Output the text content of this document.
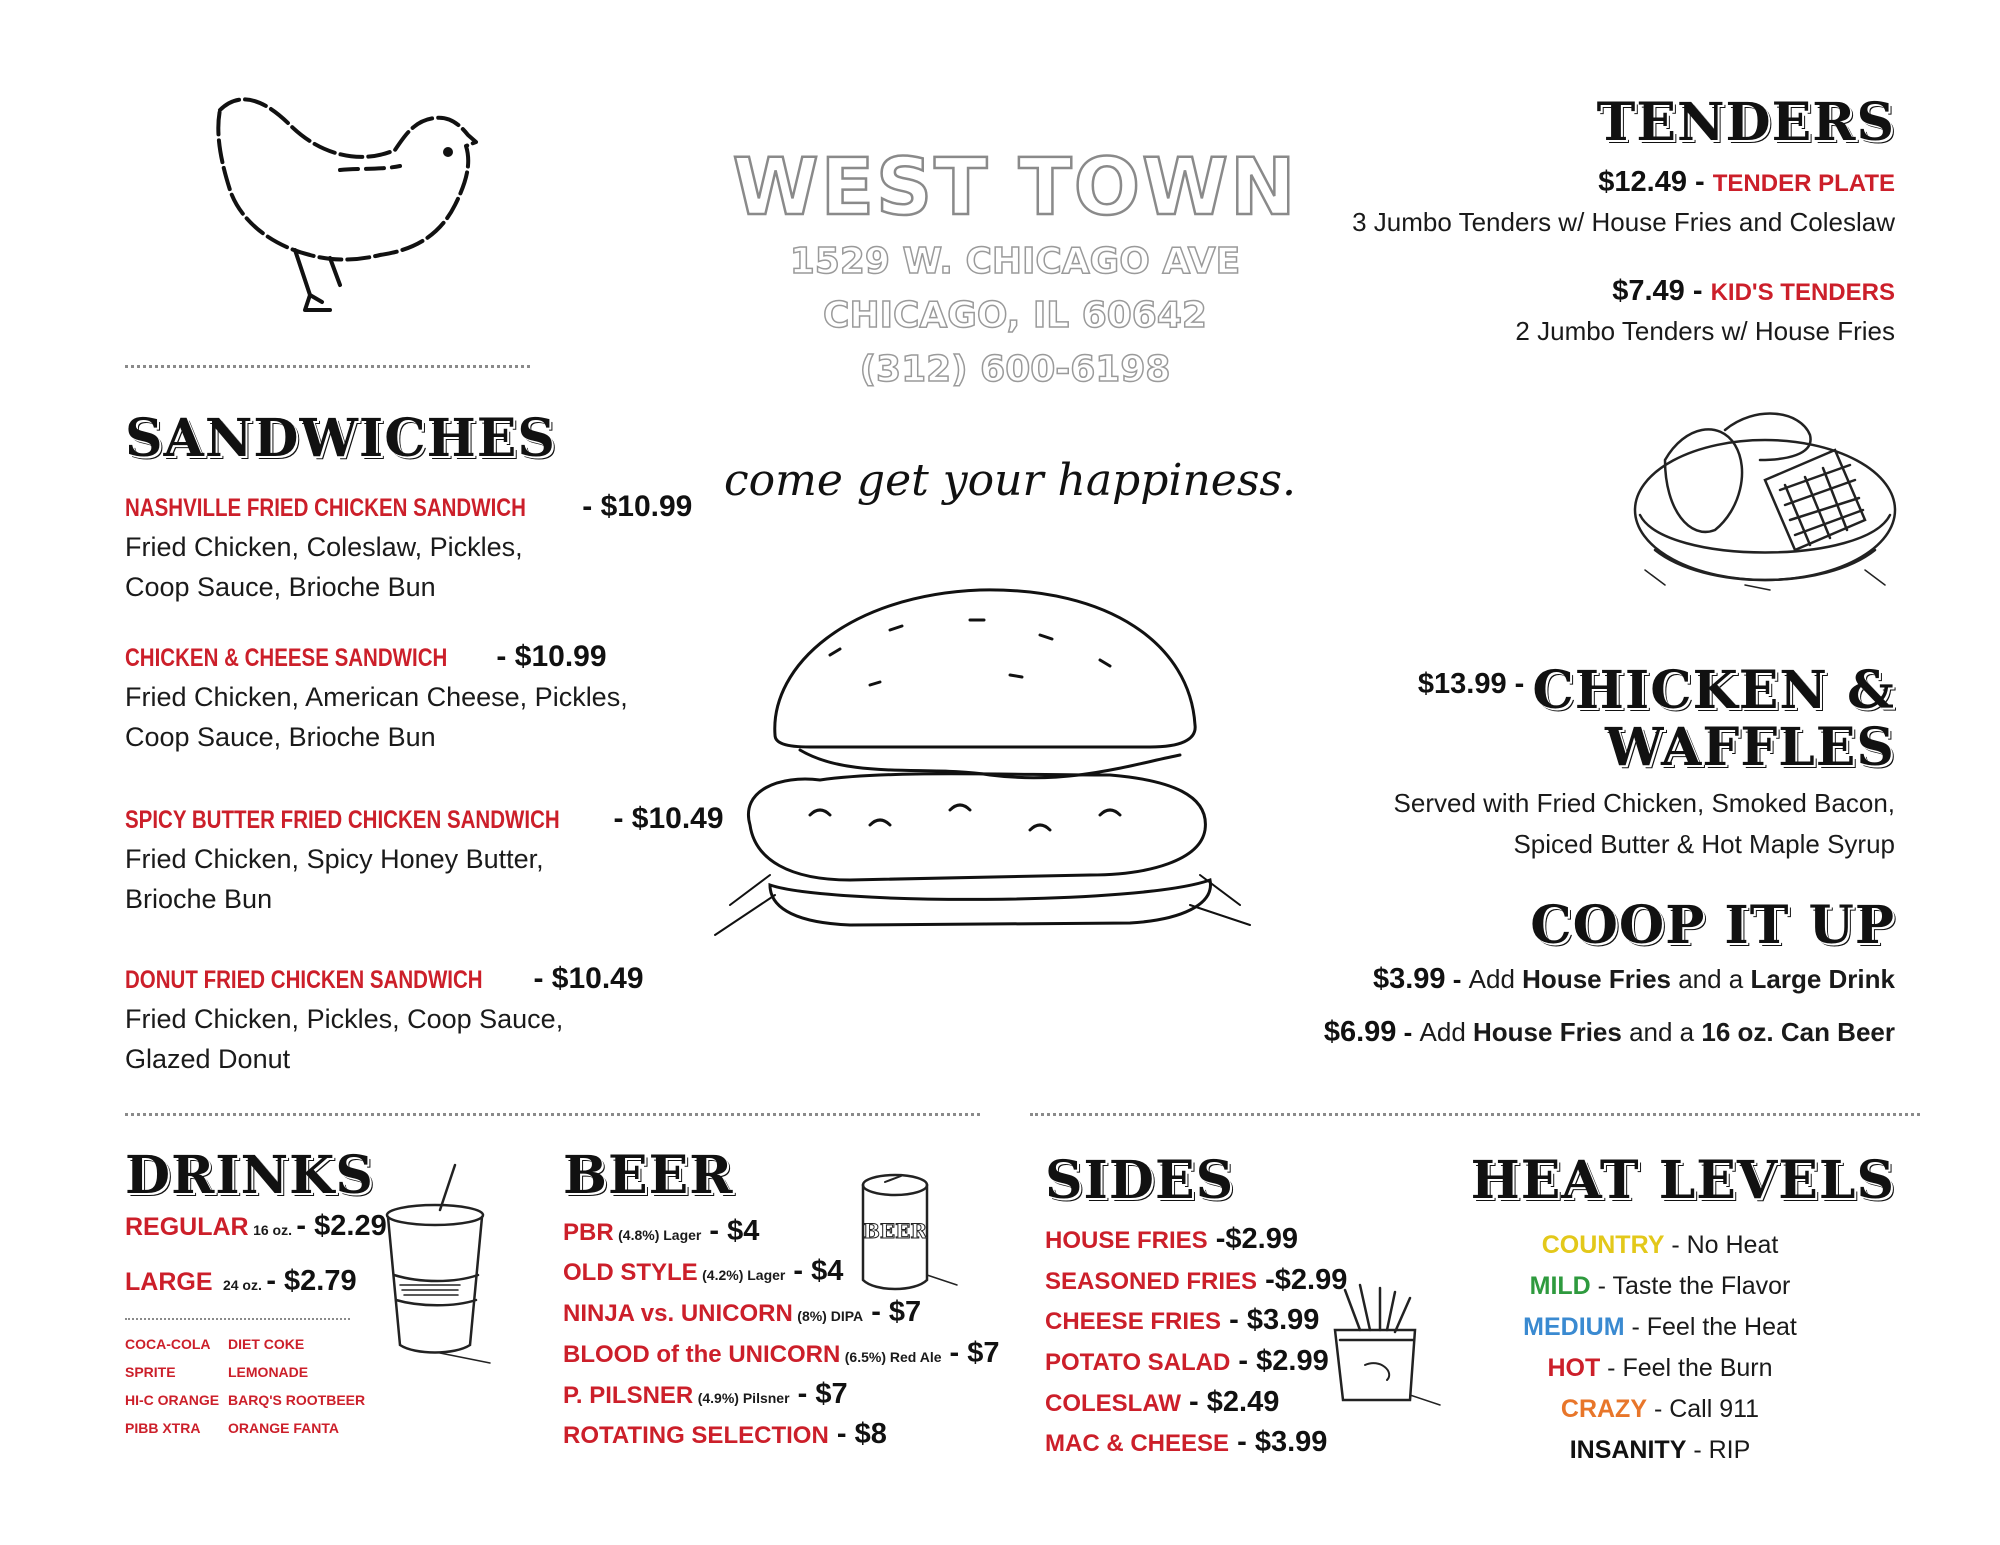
WEST TOWN
1529 W. CHICAGO AVE
CHICAGO, IL 60642
(312) 600-6198
come get your happiness.
SANDWICHES
NASHVILLE FRIED CHICKEN SANDWICH - $10.99
Fried Chicken, Coleslaw, Pickles,
Coop Sauce, Brioche Bun
CHICKEN & CHEESE SANDWICH - $10.99
Fried Chicken, American Cheese, Pickles,
Coop Sauce, Brioche Bun
SPICY BUTTER FRIED CHICKEN SANDWICH - $10.49
Fried Chicken, Spicy Honey Butter,
Brioche Bun
DONUT FRIED CHICKEN SANDWICH - $10.49
Fried Chicken, Pickles, Coop Sauce,
Glazed Donut
TENDERS
$12.49 - TENDER PLATE
3 Jumbo Tenders w/ House Fries and Coleslaw
$7.49 - KID'S TENDERS
2 Jumbo Tenders w/ House Fries
$13.99 - CHICKEN &
WAFFLES
Served with Fried Chicken, Smoked Bacon,
Spiced Butter & Hot Maple Syrup
COOP IT UP
$3.99 - Add House Fries and a Large Drink
$6.99 - Add House Fries and a 16 oz. Can Beer
DRINKS
REGULAR 16 oz. - $2.29
LARGE 24 oz. - $2.79
COCA-COLA
SPRITE
HI-C ORANGE
PIBB XTRA
DIET COKE
LEMONADE
BARQ'S ROOTBEER
ORANGE FANTA
BEER
PBR (4.8%) Lager - $4
OLD STYLE (4.2%) Lager - $4
NINJA vs. UNICORN (8%) DIPA - $7
BLOOD of the UNICORN (6.5%) Red Ale - $7
P. PILSNER (4.9%) Pilsner - $7
ROTATING SELECTION - $8
BEER
SIDES
HOUSE FRIES -$2.99
SEASONED FRIES -$2.99
CHEESE FRIES - $3.99
POTATO SALAD - $2.99
COLESLAW - $2.49
MAC & CHEESE - $3.99
HEAT LEVELS
COUNTRY - No Heat
MILD - Taste the Flavor
MEDIUM - Feel the Heat
HOT - Feel the Burn
CRAZY - Call 911
INSANITY - RIP
